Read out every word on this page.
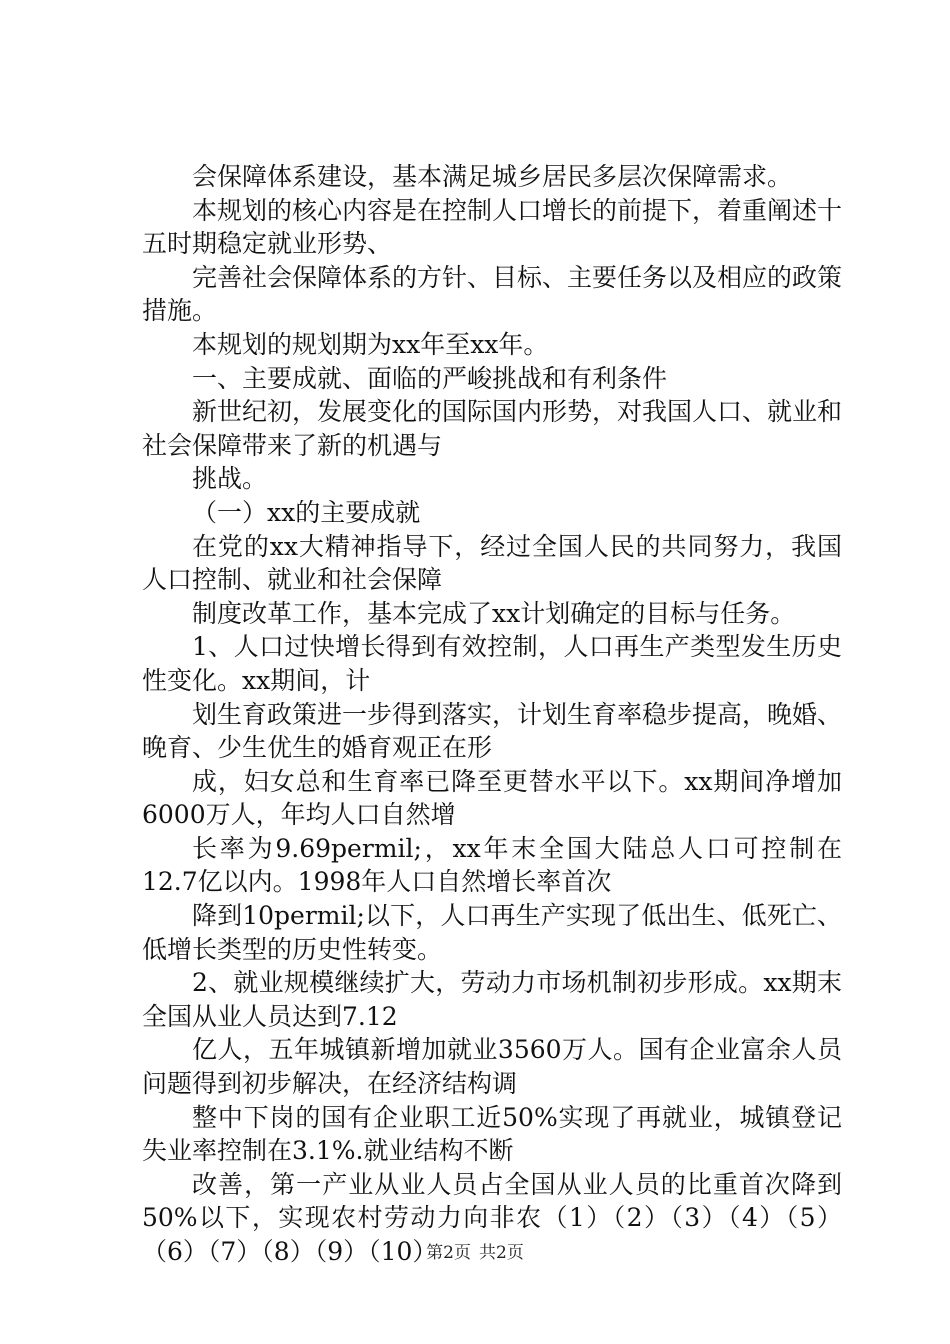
会保障体系建设，基本满足城乡居民多层次保障需求。

本规划的核心内容是在控制人口增长的前提下，着重阐述十五时期稳定就业形势、

完善社会保障体系的方针、目标、主要任务以及相应的政策措施。

本规划的规划期为xx年至xx年。

一、主要成就、面临的严峻挑战和有利条件

新世纪初，发展变化的国际国内形势，对我国人口、就业和社会保障带来了新的机遇与

挑战。

（一）xx的主要成就

在党的xx大精神指导下，经过全国人民的共同努力，我国人口控制、就业和社会保障

制度改革工作，基本完成了xx计划确定的目标与任务。

1、人口过快增长得到有效控制，人口再生产类型发生历史性变化。xx期间，计

划生育政策进一步得到落实，计划生育率稳步提高，晚婚、晚育、少生优生的婚育观正在形

成，妇女总和生育率已降至更替水平以下。xx期间净增加6000万人，年均人口自然增

长率为9.69permil;，xx年末全国大陆总人口可控制在12.7亿以内。1998年人口自然增长率首次

降到10permil;以下，人口再生产实现了低出生、低死亡、低增长类型的历史性转变。

2、就业规模继续扩大，劳动力市场机制初步形成。xx期末全国从业人员达到7.12

亿人，五年城镇新增加就业3560万人。国有企业富余人员问题得到初步解决，在经济结构调

整中下岗的国有企业职工近50%实现了再就业，城镇登记失业率控制在3.1%.就业结构不断

改善，第一产业从业人员占全国从业人员的比重首次降到50%以下，实现农村劳动力向非农（1）（2）（3）（4）（5）（6）（7）（8）（9）（10）

第2页 共2页
